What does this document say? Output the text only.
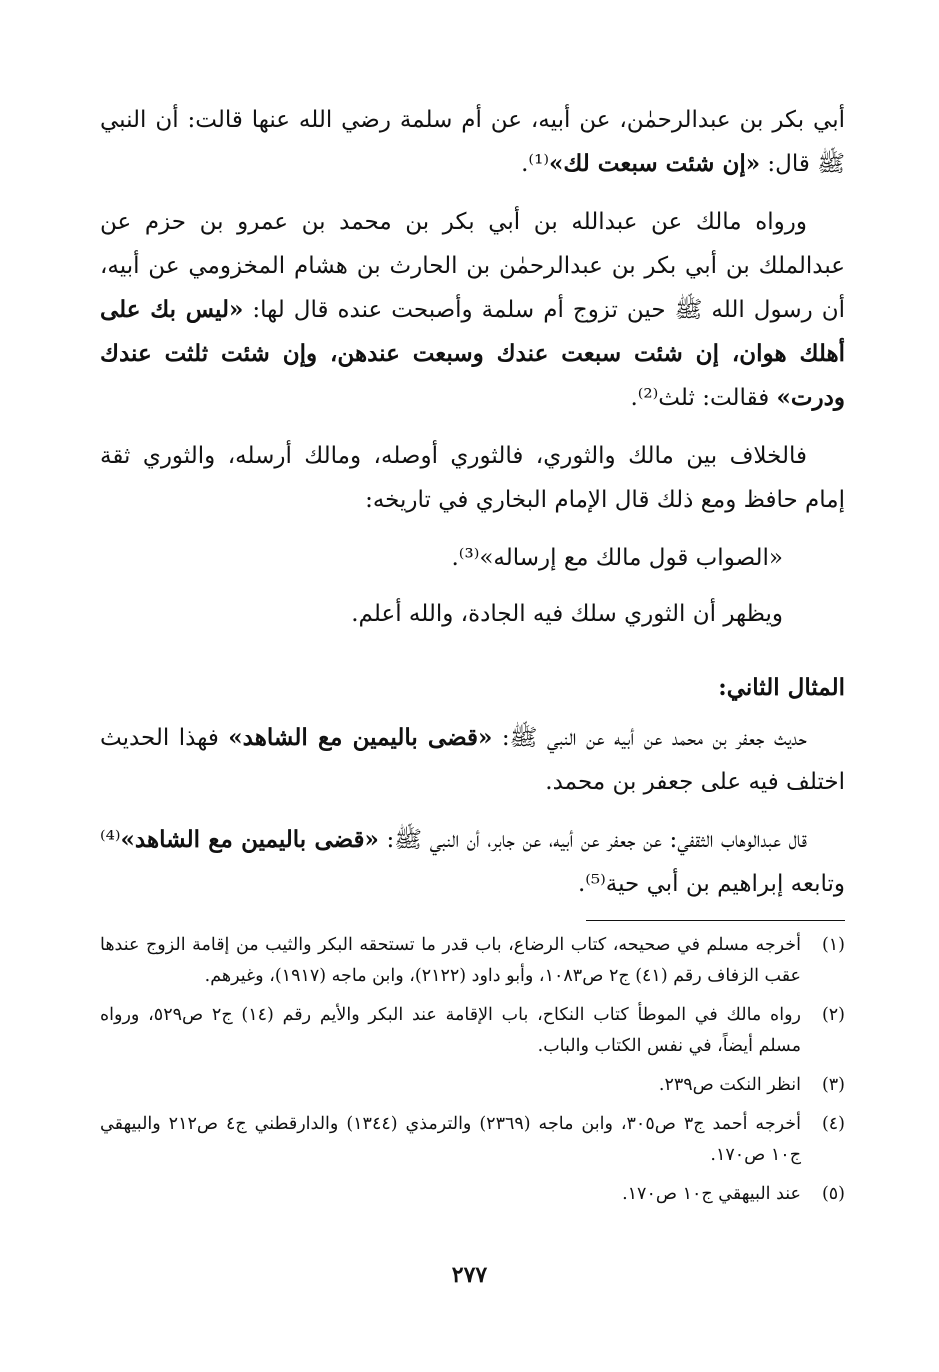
أبي بكر بن عبدالرحمٰن، عن أبيه، عن أم سلمة رضي الله عنها قالت: أن النبي ﷺ قال: «إن شئت سبعت لك»⁽¹⁾.

ورواه مالك عن عبدالله بن أبي بكر بن محمد بن عمرو بن حزم عن عبدالملك بن أبي بكر بن عبدالرحمٰن بن الحارث بن هشام المخزومي عن أبيه، أن رسول الله ﷺ حين تزوج أم سلمة وأصبحت عنده قال لها: «ليس بك على أهلك هوان، إن شئت سبعت عندك وسبعت عندهن، وإن شئت ثلثت عندك ودرت» فقالت: ثلث⁽²⁾.

فالخلاف بين مالك والثوري، فالثوري أوصله، ومالك أرسله، والثوري ثقة إمام حافظ ومع ذلك قال الإمام البخاري في تاريخه:

«الصواب قول مالك مع إرساله»⁽³⁾.

ويظهر أن الثوري سلك فيه الجادة، والله أعلم.

المثال الثاني:

حديث جعفر بن محمد عن أبيه عن النبي ﷺ: «قضى باليمين مع الشاهد» فهذا الحديث اختلف فيه على جعفر بن محمد.

قال عبدالوهاب الثقفي: عن جعفر عن أبيه، عن جابر، أن النبي ﷺ: «قضى باليمين مع الشاهد»⁽⁴⁾ وتابعه إبراهيم بن أبي حية⁽⁵⁾.

(١)
أخرجه مسلم في صحيحه، كتاب الرضاع، باب قدر ما تستحقه البكر والثيب من إقامة الزوج عندها عقب الزفاف رقم (٤١) ج٢ ص١٠٨٣، وأبو داود (٢١٢٢)، وابن ماجه (١٩١٧)، وغيرهم.
(٢)
رواه مالك في الموطأ كتاب النكاح، باب الإقامة عند البكر والأيم رقم (١٤) ج٢ ص٥٢٩، ورواه مسلم أيضاً، في نفس الكتاب والباب.
(٣)
انظر النكت ص٢٣٩.
(٤)
أخرجه أحمد ج٣ ص٣٠٥، وابن ماجه (٢٣٦٩) والترمذي (١٣٤٤) والدارقطني ج٤ ص٢١٢ والبيهقي ج١٠ ص١٧٠.
(٥)
عند البيهقي ج١٠ ص١٧٠.
٢٧٧
